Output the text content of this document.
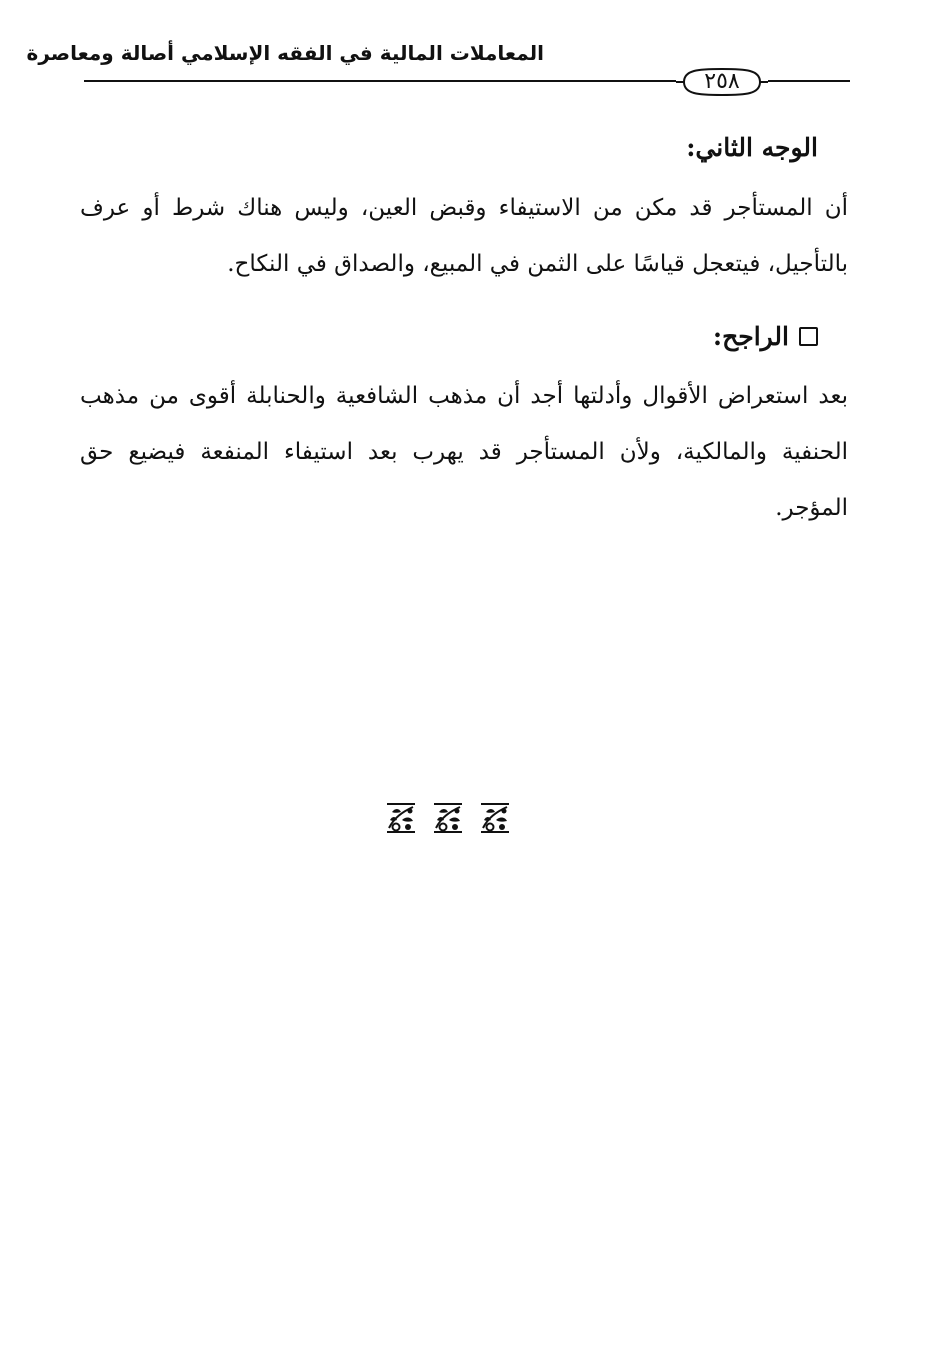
المعاملات المالية في الفقه الإسلامي أصالة ومعاصرة
٢٥٨
الوجه الثاني:
أن المستأجر قد مكن من الاستيفاء وقبض العين، وليس هناك شرط أو عرف بالتأجيل، فيتعجل قياسًا على الثمن في المبيع، والصداق في النكاح.
الراجح:
بعد استعراض الأقوال وأدلتها أجد أن مذهب الشافعية والحنابلة أقوى من مذهب الحنفية والمالكية، ولأن المستأجر قد يهرب بعد استيفاء المنفعة فيضيع حق المؤجر.
